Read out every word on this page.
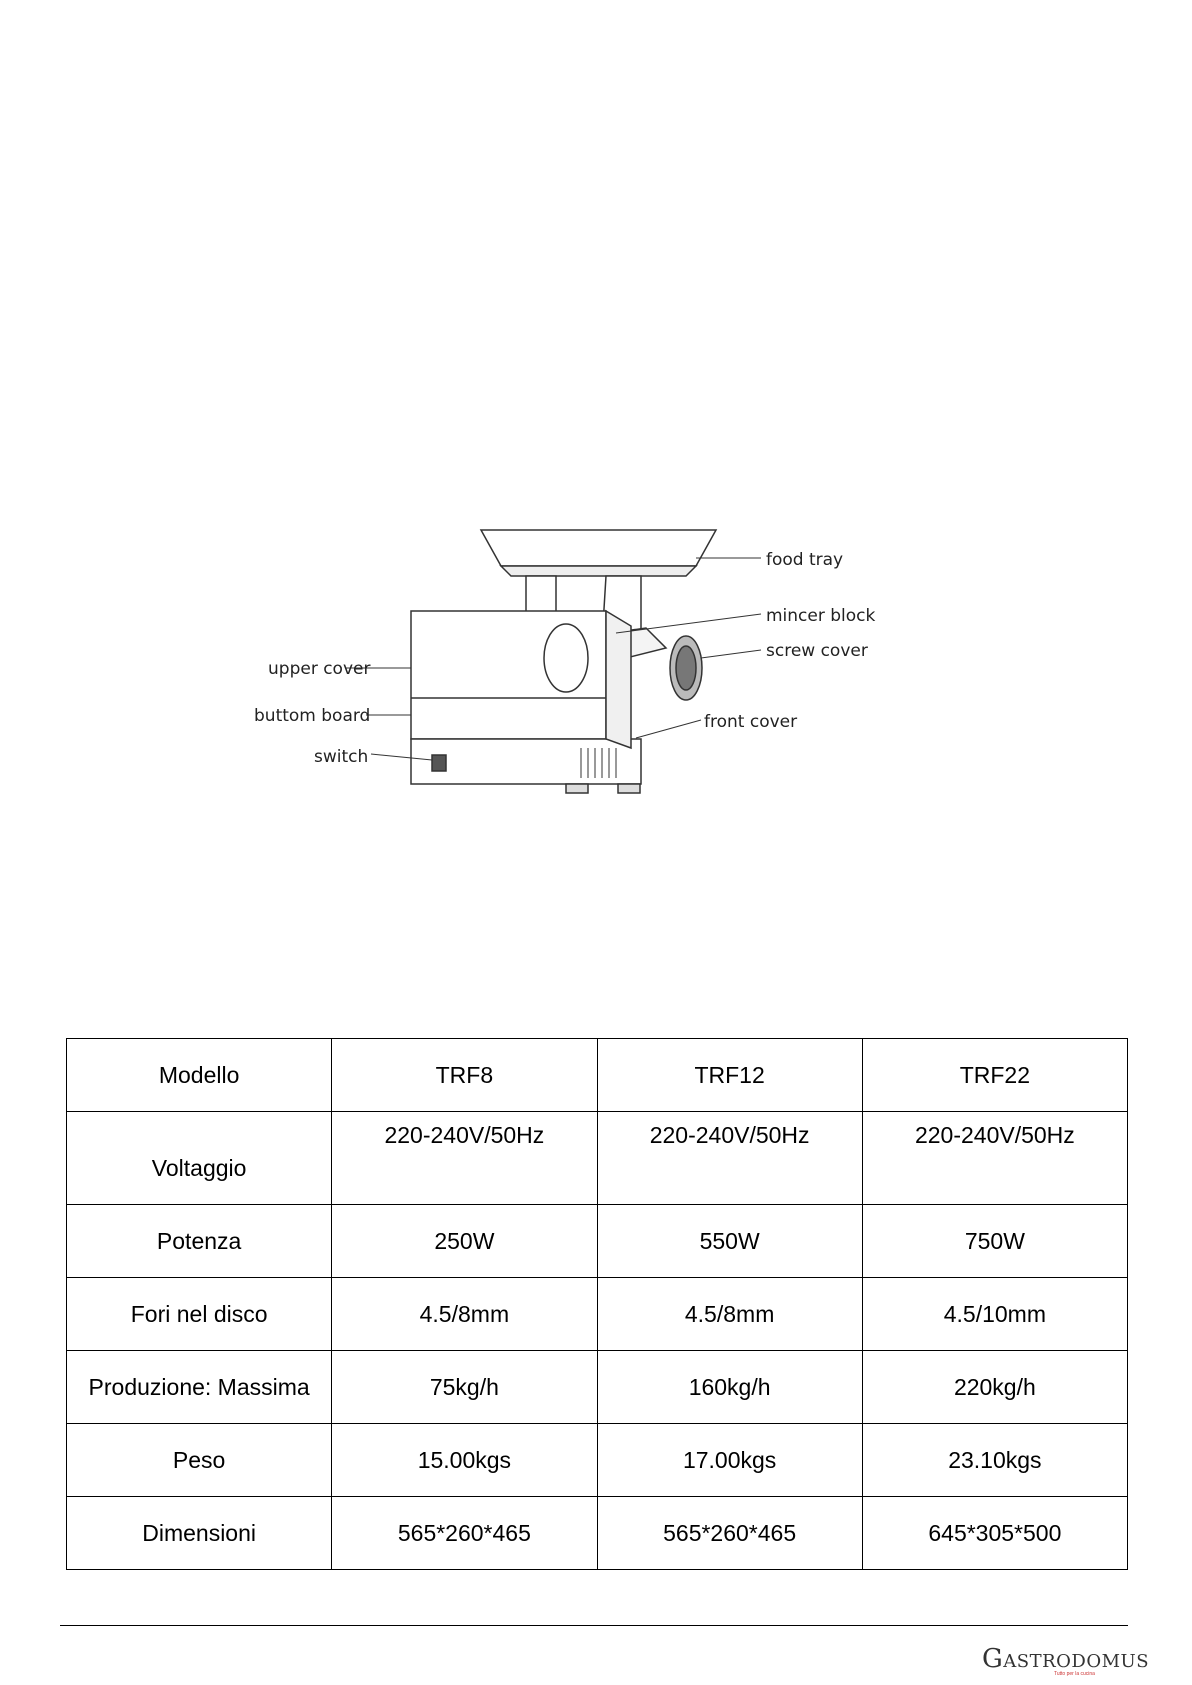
food tray
mincer block
screw cover
upper cover
buttom board
switch
front cover
Modello	TRF8	TRF12	TRF22
Voltaggio	220-240V/50Hz	220-240V/50Hz	220-240V/50Hz
Potenza	250W	550W	750W
Fori nel disco	4.5/8mm	4.5/8mm	4.5/10mm
Produzione: Massima	75kg/h	160kg/h	220kg/h
Peso	15.00kgs	17.00kgs	23.10kgs
Dimensioni	565*260*465	565*260*465	645*305*500
GASTRODOMUS
Tutto per la cucina
